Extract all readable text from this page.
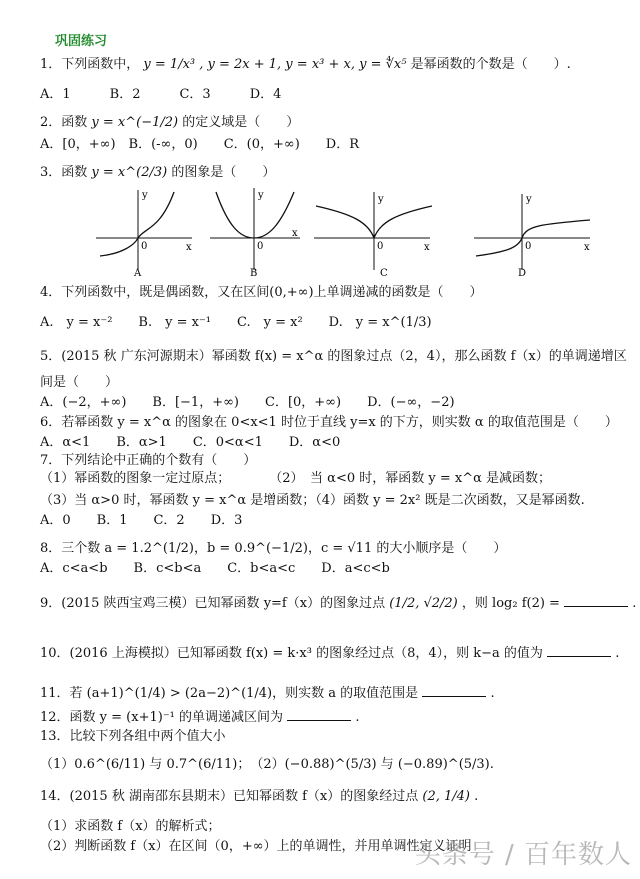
巩固练习
1．下列函数中， y = 1/x³ , y = 2x + 1, y = x³ + x, y = ∜x⁵ 是幂函数的个数是（　　）.
A．1　　　B．2　　　C．3　　　D．4
2．函数 y = x^(−1/2) 的定义域是（　　）
A．[0，+∞)　B．(-∞，0)　　C．(0，+∞)　　D．R
3．函数 y = x^(2/3) 的图象是（　　）
y
x
0
A
y
x
0
B
y
x
0
C
y
x
0
D
4．下列函数中，既是偶函数，又在区间(0,+∞)上单调递减的函数是（　　）
A.　y = x⁻²　　B.　y = x⁻¹　　C.　y = x²　　D.　y = x^(1/3)
5．(2015 秋 广东河源期末）幂函数 f(x) = x^α 的图象过点（2，4），那么函数 f（x）的单调递增区
间是（　　）
A．(−2，+∞)　　B．[−1，+∞)　　C．[0，+∞)　　D．(−∞，−2)
6．若幂函数 y = x^α 的图象在 0<x<1 时位于直线 y=x 的下方，则实数 α 的取值范围是（　　）
A．α<1　　B．α>1　　C．0<α<1　　D．α<0
7．下列结论中正确的个数有（　　）
（1）幂函数的图象一定过原点；　　　　（2）　当 α<0 时，幂函数 y = x^α 是减函数；
（3）当 α>0 时，幂函数 y = x^α 是增函数；（4）函数 y = 2x² 既是二次函数，又是幂函数.
A．0　　B．1　　C．2　　D．3
8．三个数 a = 1.2^(1/2)，b = 0.9^(−1/2)，c = √11 的大小顺序是（　　）
A．c<a<b　　B．c<b<a　　C．b<a<c　　D．a<c<b
9．(2015 陕西宝鸡三模）已知幂函数 y=f（x）的图象过点 (1/2, √2/2) ，则 log₂ f(2) =	.
10．(2016 上海模拟）已知幂函数 f(x) = k·x³ 的图象经过点（8，4），则 k−a 的值为	.
11．若 (a+1)^(1/4) > (2a−2)^(1/4)，则实数 a 的取值范围是	.
12．函数 y = (x+1)⁻¹ 的单调递减区间为	.
13．比较下列各组中两个值大小
（1）0.6^(6/11) 与 0.7^(6/11)；　（2）(−0.88)^(5/3) 与 (−0.89)^(5/3).
14．(2015 秋 湖南邵东县期末）已知幂函数 f（x）的图象经过点 (2, 1/4) .
（1）求函数 f（x）的解析式；
（2）判断函数 f（x）在区间（0，+∞）上的单调性，并用单调性定义证明
头条号 / 百年数人
